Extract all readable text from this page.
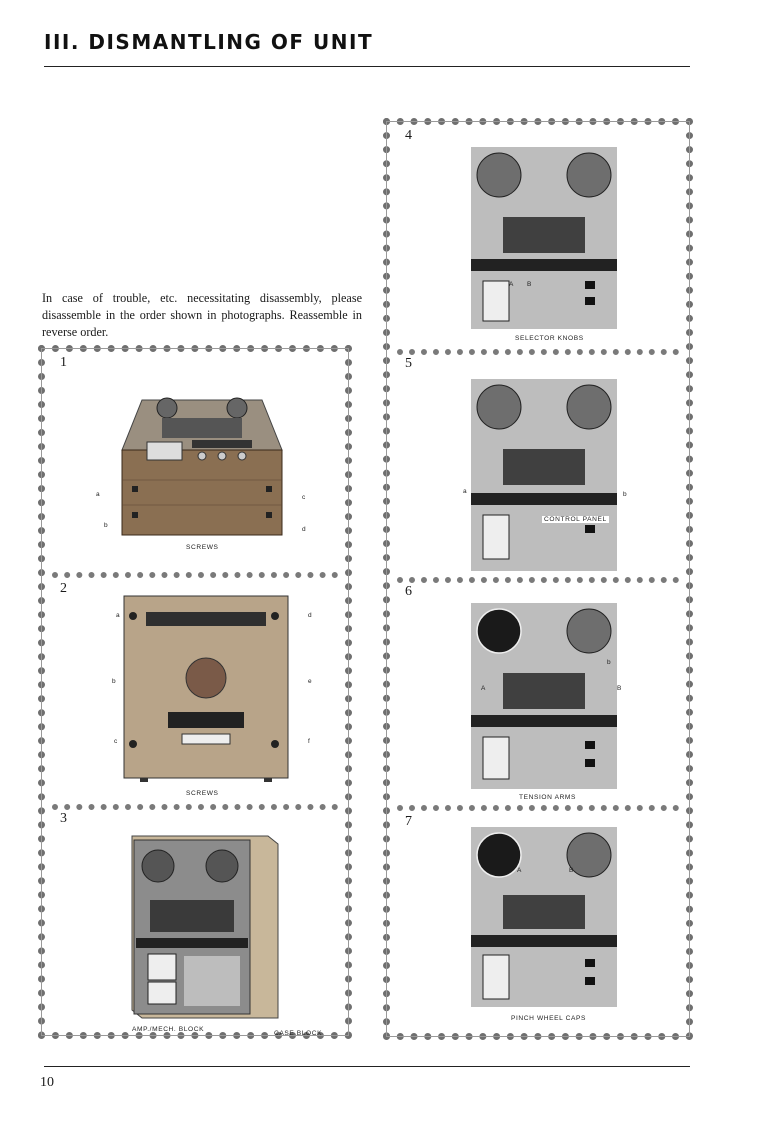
III. DISMANTLING OF UNIT

In case of trouble, etc. necessitating disassembly, please disassemble in the order shown in photographs. Reassemble in reverse order.

1
a
b
c
d
SCREWS
2
a
b
c
d
e
f
SCREWS
3
AMP./MECH. BLOCK
CASE BLOCK
4
A B
SELECTOR KNOBS
5
a	b
CONTROL PANEL
6
A	B
b
TENSION ARMS
7
A	B
PINCH WHEEL CAPS
10
